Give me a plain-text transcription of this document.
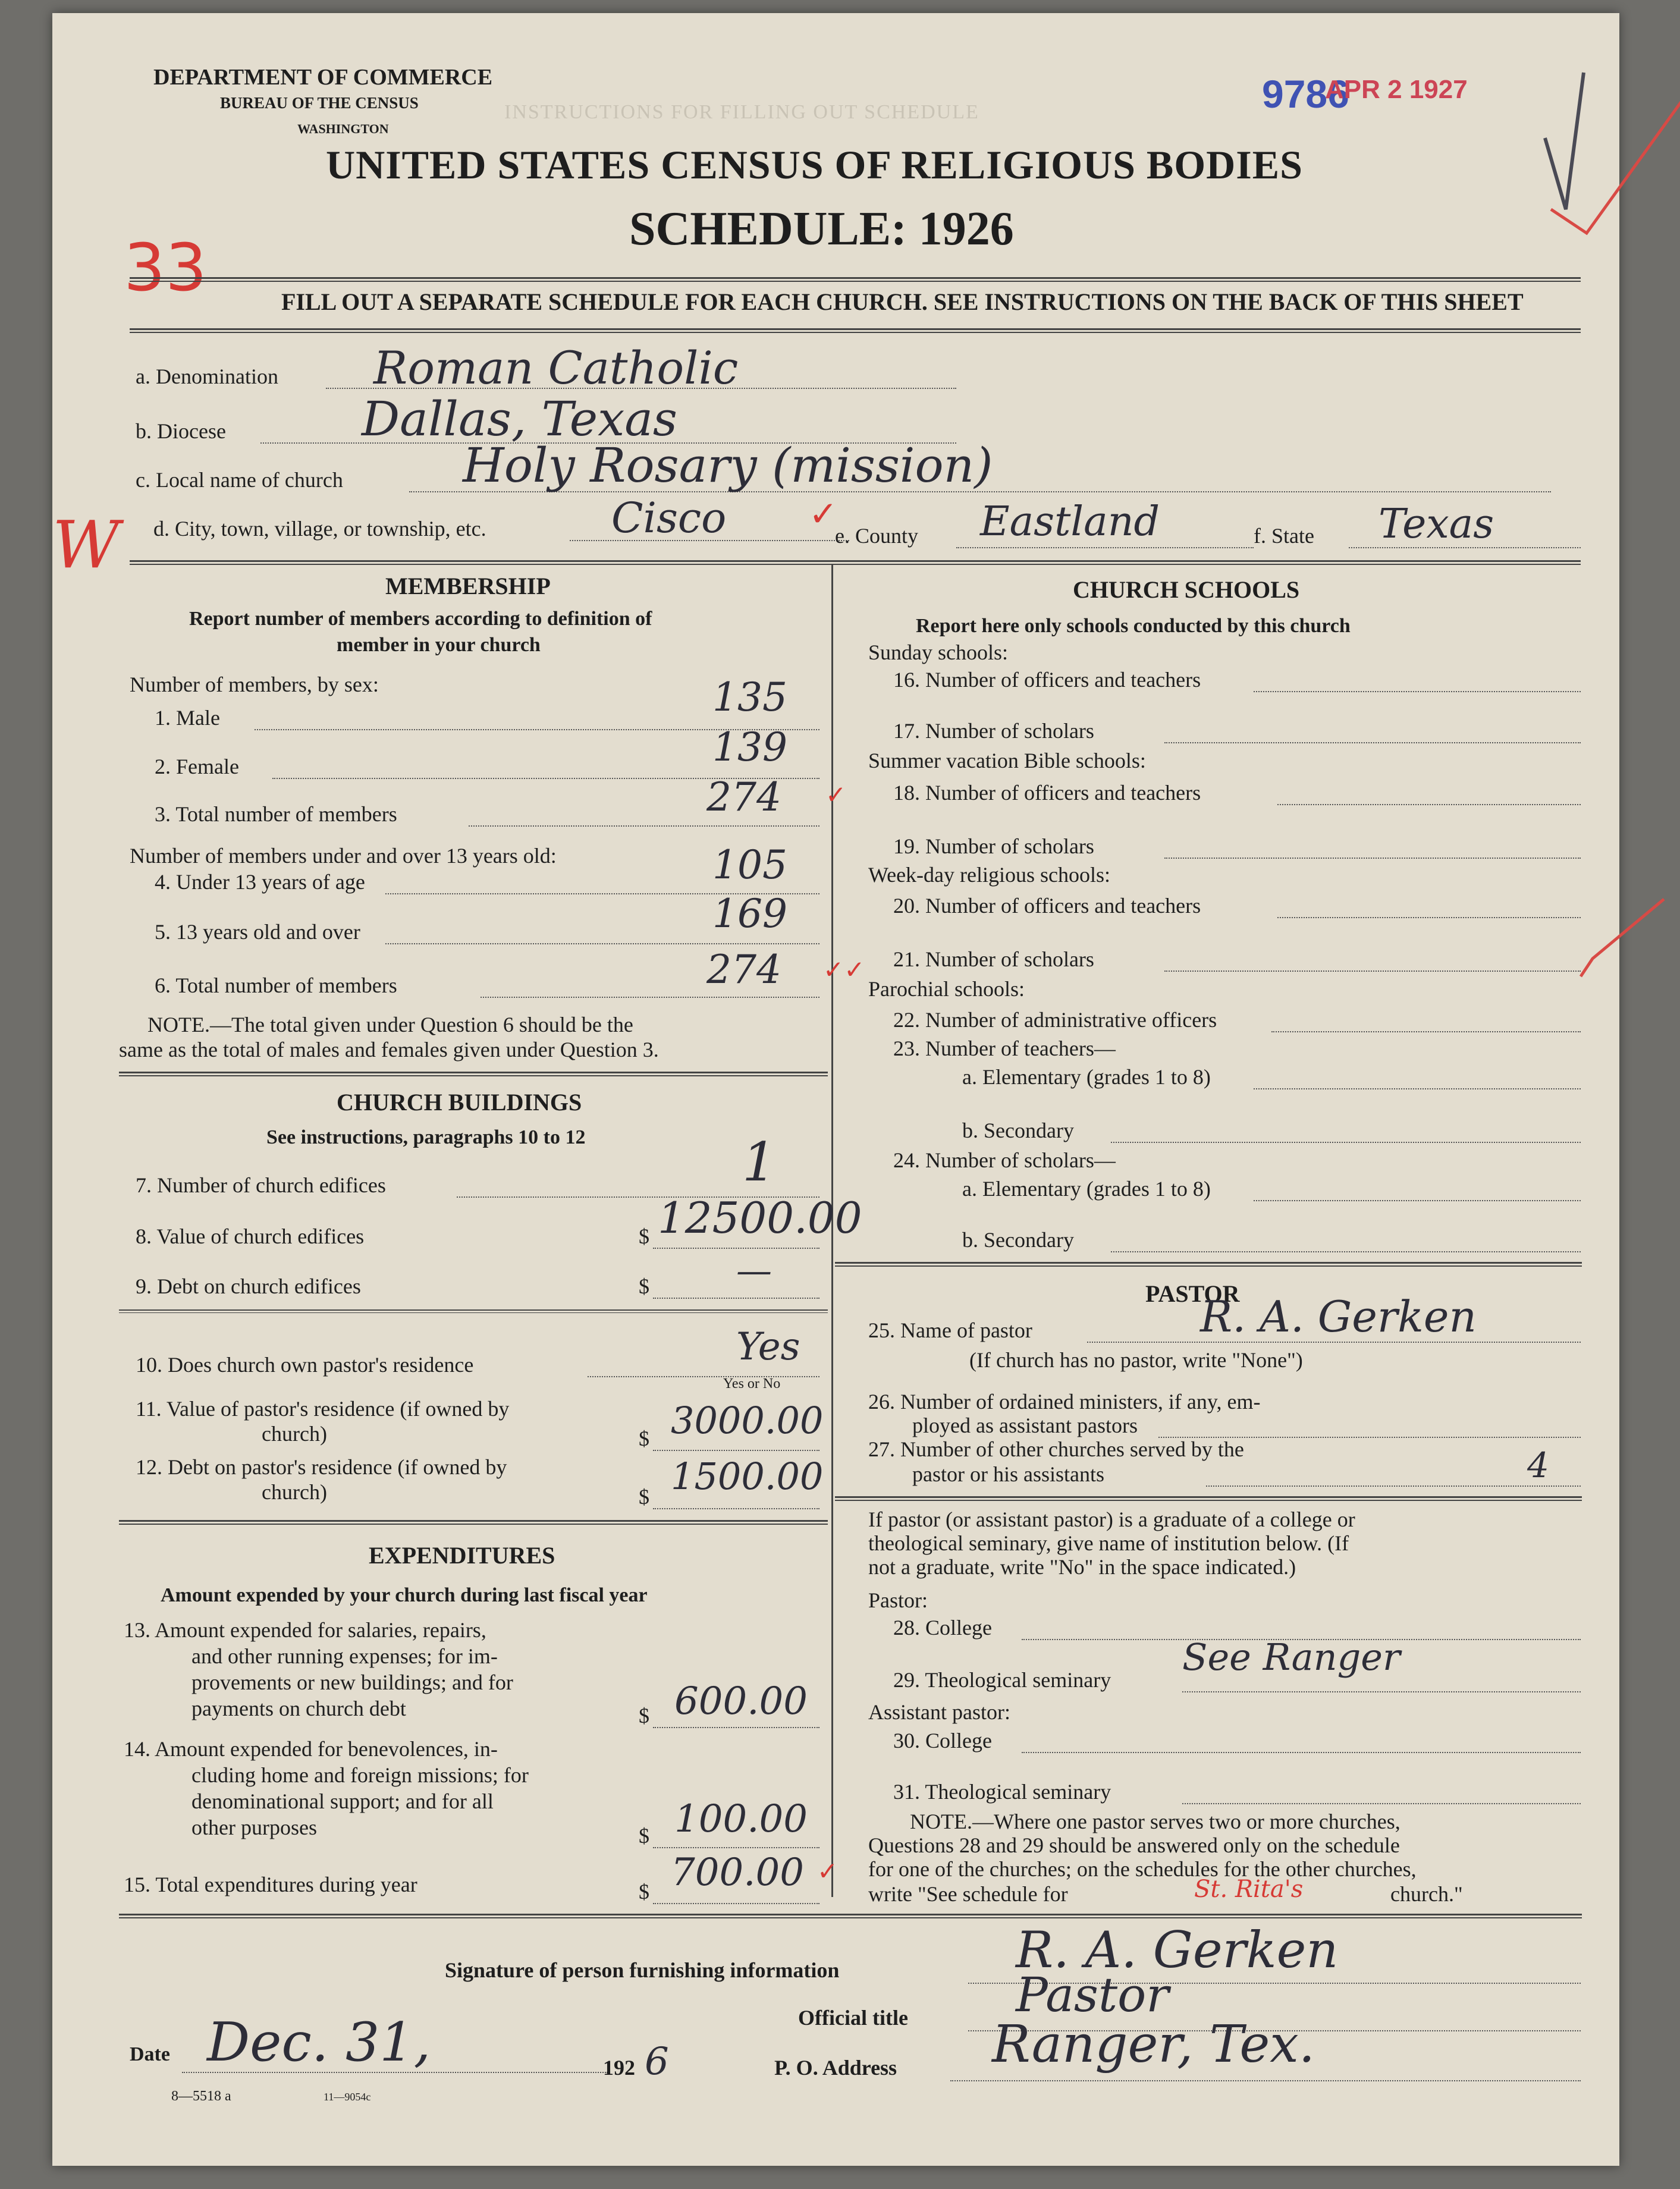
INSTRUCTIONS FOR FILLING OUT SCHEDULE
DEPARTMENT OF COMMERCE
BUREAU OF THE CENSUS
WASHINGTON
9786
APR 2 1927
UNITED STATES CENSUS OF RELIGIOUS BODIES
SCHEDULE: 1926
33	FILL OUT A SEPARATE SCHEDULE FOR EACH CHURCH. SEE INSTRUCTIONS ON THE BACK OF THIS SHEET
a. Denomination Roman Catholic
b. Diocese	Dallas, Texas
c. Local name of church	Holy Rosary (mission)
W d. City, town, village, or township, etc.	Cisco ✓
e. County Eastland	f. State Texas
MEMBERSHIP
Report number of members according to definition of
member in your church
Number of members, by sex:
1. Male	135
2. Female	139
3. Total number of members	274 ✓
Number of members under and over 13 years old:
4. Under 13 years of age	105
5. 13 years old and over	169
6. Total number of members	274 ✓✓
NOTE.—The total given under Question 6 should be the
same as the total of males and females given under Question 3.
CHURCH BUILDINGS
See instructions, paragraphs 10 to 12
7. Number of church edifices	1
8. Value of church edifices	$ 12500.00
9. Debt on church edifices	$ —
10. Does church own pastor's residence	Yes
Yes or No
11. Value of pastor's residence (if owned by
church)	$ 3000.00
12. Debt on pastor's residence (if owned by
church)	$ 1500.00
EXPENDITURES
Amount expended by your church during last fiscal year
13. Amount expended for salaries, repairs,
and other running expenses; for im-
provements or new buildings; and for
payments on church debt	$ 600.00
14. Amount expended for benevolences, in-
cluding home and foreign missions; for
denominational support; and for all
other purposes	$ 100.00
15. Total expenditures during year	$ 700.00 ✓
CHURCH SCHOOLS
Report here only schools conducted by this church
Sunday schools:
16. Number of officers and teachers
17. Number of scholars
Summer vacation Bible schools:
18. Number of officers and teachers
19. Number of scholars
Week-day religious schools:
20. Number of officers and teachers
21. Number of scholars
Parochial schools:
22. Number of administrative officers
23. Number of teachers—
a. Elementary (grades 1 to 8)
b. Secondary
24. Number of scholars—
a. Elementary (grades 1 to 8)
b. Secondary
PASTOR
25. Name of pastor	R. A. Gerken
(If church has no pastor, write "None")
26. Number of ordained ministers, if any, em-
ployed as assistant pastors
27. Number of other churches served by the
pastor or his assistants	4
If pastor (or assistant pastor) is a graduate of a college or
theological seminary, give name of institution below. (If
not a graduate, write "No" in the space indicated.)
Pastor:
28. College
29. Theological seminary
See Ranger
Assistant pastor:
30. College
31. Theological seminary
NOTE.—Where one pastor serves two or more churches,
Questions 28 and 29 should be answered only on the schedule
for one of the churches; on the schedules for the other churches,
write "See schedule for	St. Rita's	church."
Signature of person furnishing information	R. A. Gerken
Official title Pastor
Date Dec. 31,	192 6	P. O. Address Ranger, Tex.
8—5518 a	11—9054c
